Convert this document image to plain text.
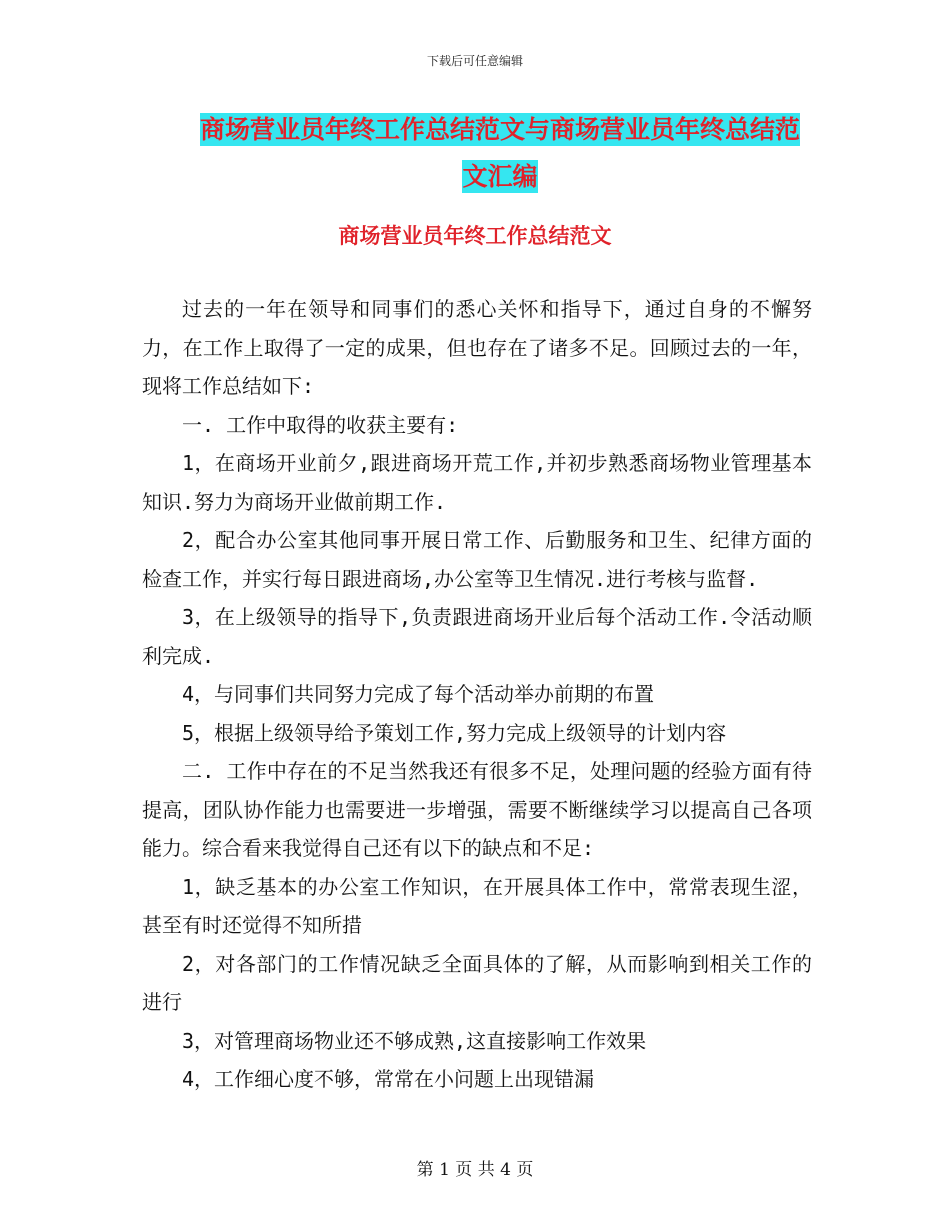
下载后可任意编辑
商场营业员年终工作总结范文与商场营业员年终总结范文汇编
商场营业员年终工作总结范文

过去的一年在领导和同事们的悉心关怀和指导下，通过自身的不懈努力，在工作上取得了一定的成果，但也存在了诸多不足。回顾过去的一年，现将工作总结如下:

一. 工作中取得的收获主要有:

1，在商场开业前夕,跟进商场开荒工作,并初步熟悉商场物业管理基本知识.努力为商场开业做前期工作.

2，配合办公室其他同事开展日常工作、后勤服务和卫生、纪律方面的检查工作，并实行每日跟进商场,办公室等卫生情况.进行考核与监督.

3，在上级领导的指导下,负责跟进商场开业后每个活动工作.令活动顺利完成.

4，与同事们共同努力完成了每个活动举办前期的布置

5，根据上级领导给予策划工作,努力完成上级领导的计划内容

二. 工作中存在的不足当然我还有很多不足，处理问题的经验方面有待提高，团队协作能力也需要进一步增强，需要不断继续学习以提高自己各项能力。综合看来我觉得自己还有以下的缺点和不足:

1，缺乏基本的办公室工作知识，在开展具体工作中，常常表现生涩，甚至有时还觉得不知所措

2，对各部门的工作情况缺乏全面具体的了解，从而影响到相关工作的进行

3，对管理商场物业还不够成熟,这直接影响工作效果

4，工作细心度不够，常常在小问题上出现错漏

第 1 页 共 4 页
